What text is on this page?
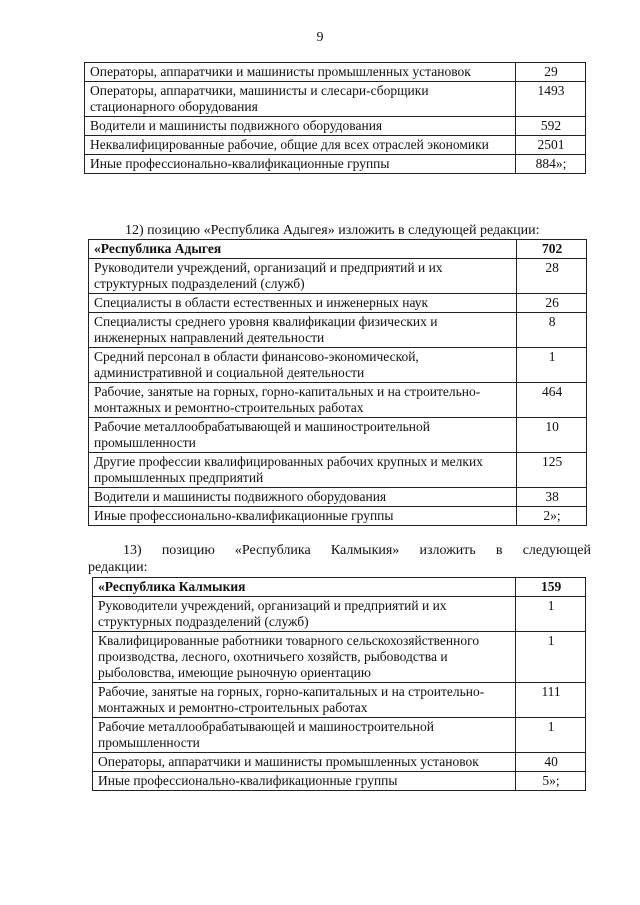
9
Операторы, аппаратчики и машинисты промышленных установок	29
Операторы, аппаратчики, машинисты и слесари-сборщики стационарного оборудования	1493
Водители и машинисты подвижного оборудования	592
Неквалифицированные рабочие, общие для всех отраслей экономики	2501
Иные профессионально-квалификационные группы	884»;
12) позицию «Республика Адыгея» изложить в следующей редакции:
«Республика Адыгея	702
Руководители учреждений, организаций и предприятий и их структурных подразделений (служб)	28
Специалисты в области естественных и инженерных наук	26
Специалисты среднего уровня квалификации физических и инженерных направлений деятельности	8
Средний персонал в области финансово-экономической, административной и социальной деятельности	1
Рабочие, занятые на горных, горно-капитальных и на строительно-монтажных и ремонтно-строительных работах	464
Рабочие металлообрабатывающей и машиностроительной промышленности	10
Другие профессии квалифицированных рабочих крупных и мелких промышленных предприятий	125
Водители и машинисты подвижного оборудования	38
Иные профессионально-квалификационные группы	2»;
13) позицию «Республика Калмыкия» изложить в следующей
редакции:
«Республика Калмыкия	159
Руководители учреждений, организаций и предприятий и их структурных подразделений (служб)	1
Квалифицированные работники товарного сельскохозяйственного производства, лесного, охотничьего хозяйств, рыбоводства и рыболовства, имеющие рыночную ориентацию	1
Рабочие, занятые на горных, горно-капитальных и на строительно-монтажных и ремонтно-строительных работах	111
Рабочие металлообрабатывающей и машиностроительной промышленности	1
Операторы, аппаратчики и машинисты промышленных установок	40
Иные профессионально-квалификационные группы	5»;
